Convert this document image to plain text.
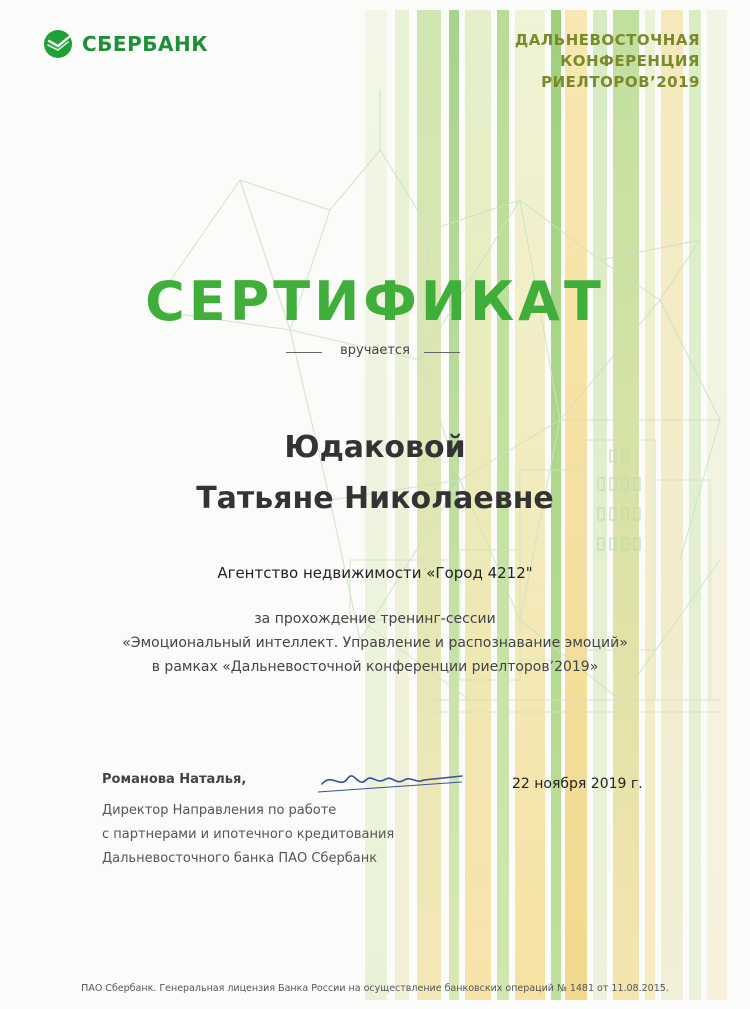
СБЕРБАНК	ДАЛЬНЕВОСТОЧНАЯ
КОНФЕРЕНЦИЯ
РИЕЛТОРОВ’2019
СЕРТИФИКАТ
вручается
Юдаковой
Татьяне Николаевне
Агентство недвижимости «Город 4212"
за прохождение тренинг-сессии
«Эмоциональный интеллект. Управление и распознавание эмоций»
в рамках «Дальневосточной конференции риелторов’2019»
Романова Наталья,
Директор Направления по работе
с партнерами и ипотечного кредитования
Дальневосточного банка ПАО Сбербанк
22 ноября 2019 г.
ПАО Сбербанк. Генеральная лицензия Банка России на осуществление банковских операций № 1481 от 11.08.2015.
